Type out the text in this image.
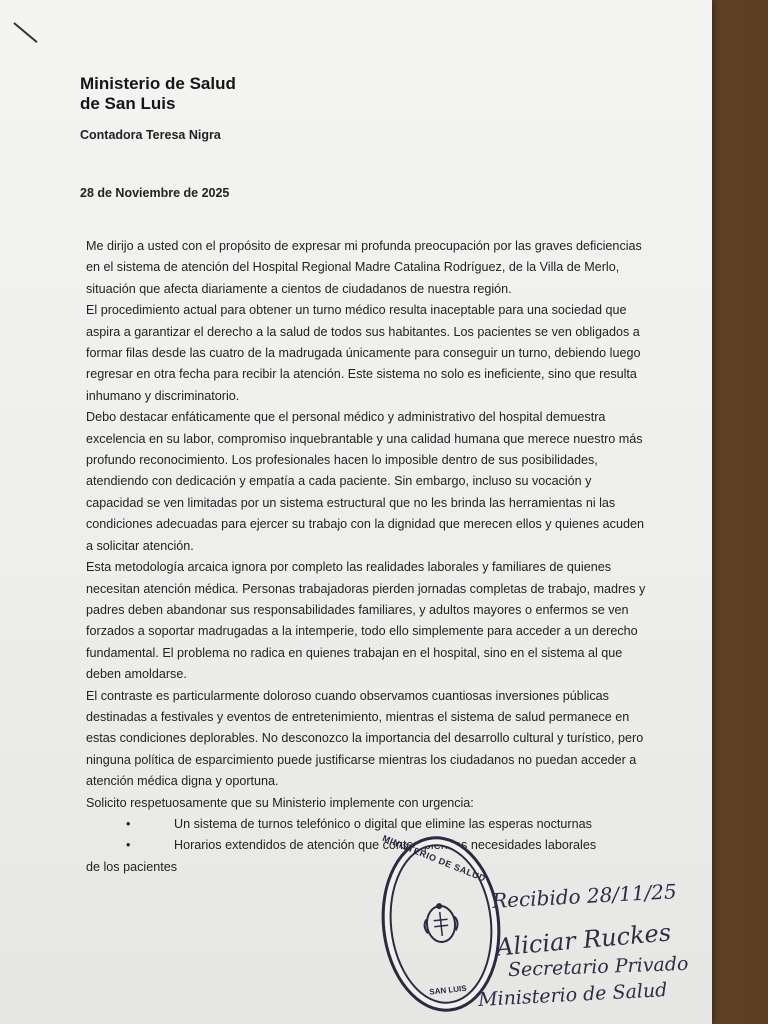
Ministerio de Salud
de San Luis
Contadora Teresa Nigra
28 de Noviembre de 2025

Me dirijo a usted con el propósito de expresar mi profunda preocupación por las graves deficiencias en el sistema de atención del Hospital Regional Madre Catalina Rodríguez, de la Villa de Merlo, situación que afecta diariamente a cientos de ciudadanos de nuestra región.

El procedimiento actual para obtener un turno médico resulta inaceptable para una sociedad que aspira a garantizar el derecho a la salud de todos sus habitantes. Los pacientes se ven obligados a formar filas desde las cuatro de la madrugada únicamente para conseguir un turno, debiendo luego regresar en otra fecha para recibir la atención. Este sistema no solo es ineficiente, sino que resulta inhumano y discriminatorio.

Debo destacar enfáticamente que el personal médico y administrativo del hospital demuestra excelencia en su labor, compromiso inquebrantable y una calidad humana que merece nuestro más profundo reconocimiento. Los profesionales hacen lo imposible dentro de sus posibilidades, atendiendo con dedicación y empatía a cada paciente. Sin embargo, incluso su vocación y capacidad se ven limitadas por un sistema estructural que no les brinda las herramientas ni las condiciones adecuadas para ejercer su trabajo con la dignidad que merecen ellos y quienes acuden a solicitar atención.

Esta metodología arcaica ignora por completo las realidades laborales y familiares de quienes necesitan atención médica. Personas trabajadoras pierden jornadas completas de trabajo, madres y padres deben abandonar sus responsabilidades familiares, y adultos mayores o enfermos se ven forzados a soportar madrugadas a la intemperie, todo ello simplemente para acceder a un derecho fundamental. El problema no radica en quienes trabajan en el hospital, sino en el sistema al que deben amoldarse.

El contraste es particularmente doloroso cuando observamos cuantiosas inversiones públicas destinadas a festivales y eventos de entretenimiento, mientras el sistema de salud permanece en estas condiciones deplorables. No desconozco la importancia del desarrollo cultural y turístico, pero ninguna política de esparcimiento puede justificarse mientras los ciudadanos no puedan acceder a atención médica digna y oportuna.

Solicito respetuosamente que su Ministerio implemente con urgencia:

•	Un sistema de turnos telefónico o digital que elimine las esperas nocturnas
•	Horarios extendidos de atención que contemplen las necesidades laborales

de los pacientes	MINISTERIO DE SALUD
SAN LUIS
Recibido 28/11/25
Aliciar Ruckes
Secretario Privado
Ministerio de Salud
